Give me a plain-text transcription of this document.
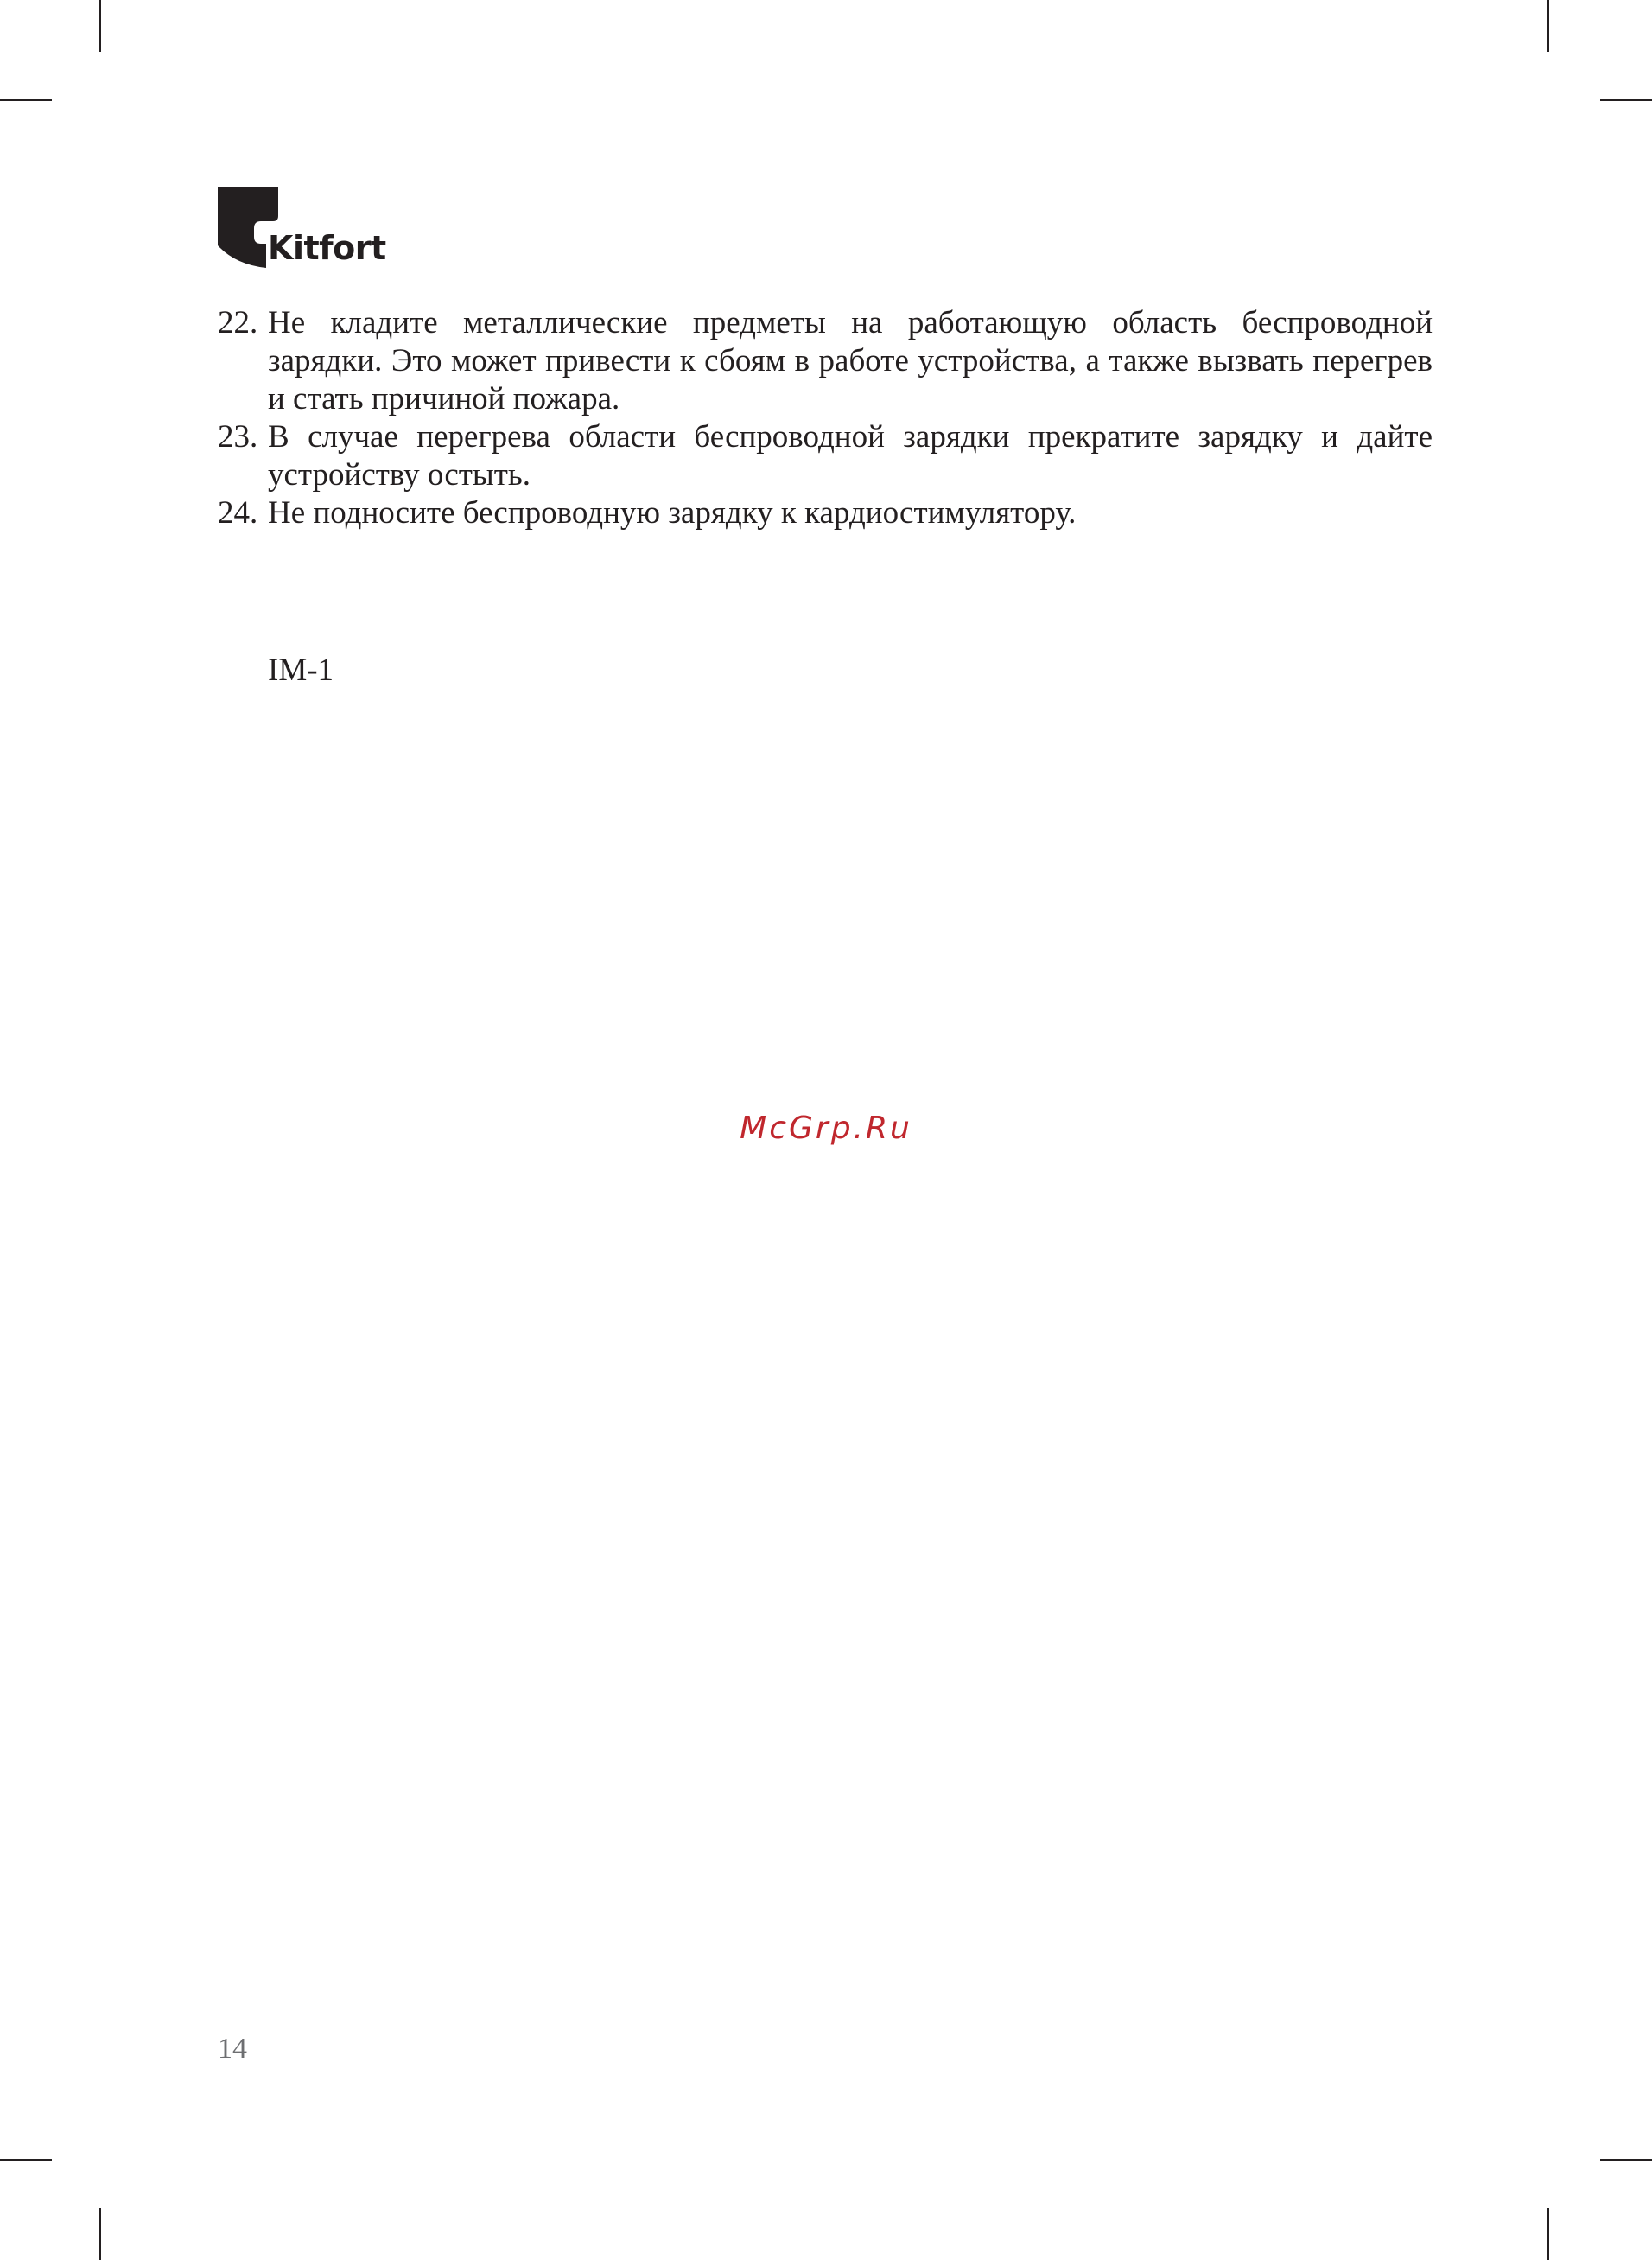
Kitfort
22. Не кладите металлические предметы на работающую область беспроводной зарядки. Это может привести к сбоям в работе устройства, а также вызвать перегрев и стать причиной пожара.
23. В случае перегрева области беспроводной зарядки прекратите зарядку и дайте устройству остыть.
24. Не подносите беспроводную зарядку к кардиостимулятору.
IM-1
McGrp.Ru
14
